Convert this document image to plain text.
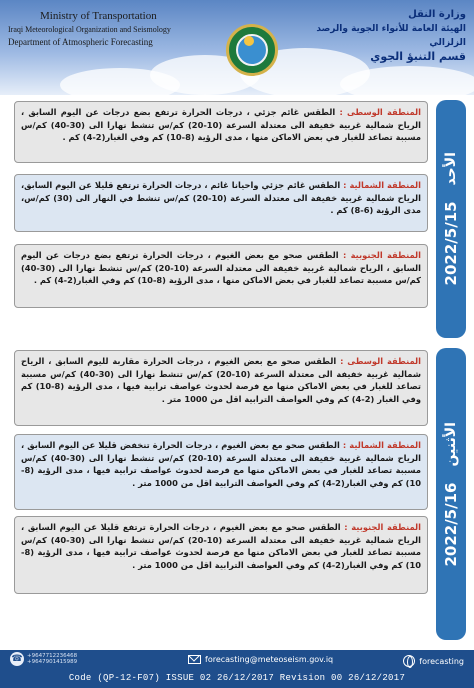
Ministry of Transportation
Iraqi Meteorological Organization and Seismology
Department of Atmospheric Forecasting
وزارة النقل
الهيئة العامة للأنواء الجوية والرصد الزلزالي
قسم التنبؤ الجوي
2022/5/15
الأحد
المنطقة الوسطى : الطقس غائم جزئي ، درجات الحرارة ترتفع بضع درجات عن اليوم السابق ، الرياح شمالية غربية خفيفة الى معتدلة السرعة (10-20) كم/س تنشط نهارا الى (30-40) كم/س مسببة تصاعد للغبار في بعض الاماكن منها ، مدى الرؤية (8-10) كم وفي الغبار(2-4) كم .
المنطقة الشمالية : الطقس غائم جزئي واحيانا غائم ، درجات الحرارة ترتفع قليلا عن اليوم السابق، الرياح شمالية غربية خفيفة الى معتدلة السرعة (10-20) كم/س تنشط في النهار الى (30) كم/س، مدى الرؤية (6-8) كم .
المنطقة الجنوبية : الطقس صحو مع بعض الغيوم ، درجات الحرارة ترتفع بضع درجات عن اليوم السابق ، الرياح شمالية غربية خفيفة الى معتدلة السرعة (10-20) كم/س تنشط نهارا الى (30-40) كم/س مسببة تصاعد للغبار في بعض الاماكن منها ، مدى الرؤية (8-10) كم وفي الغبار(2-4) كم .
2022/5/16
الأثنين
المنطقة الوسطى : الطقس صحو مع بعض الغيوم ، درجات الحرارة مقاربة لليوم السابق ، الرياح شمالية غربية خفيفة الى معتدلة السرعة (10-20) كم/س تنشط نهارا الى (30-40) كم/س مسببة تصاعد للغبار في بعض الاماكن منها مع فرصة لحدوث عواصف ترابية فيها ، مدى الرؤية (8-10) كم وفي الغبار (2-4) كم وفي العواصف الترابية اقل من 1000 متر .
المنطقة الشمالية : الطقس صحو مع بعض الغيوم ، درجات الحرارة تنخفض قليلا عن اليوم السابق ، الرياح شمالية غربية خفيفة الى معتدلة السرعة (10-20) كم/س تنشط نهارا الى (30-40) كم/س مسببة تصاعد للغبار في بعض الاماكن منها مع فرصة لحدوث عواصف ترابية فيها ، مدى الرؤية (8-10) كم وفي الغبار(2-4) كم وفي العواصف الترابية اقل من 1000 متر .
المنطقة الجنوبية : الطقس صحو مع بعض الغيوم ، درجات الحرارة ترتفع قليلا عن اليوم السابق ، الرياح شمالية غربية خفيفة الى معتدلة السرعة (10-20) كم/س تنشط نهارا الى (30-40) كم/س مسببة تصاعد للغبار في بعض الاماكن منها مع فرصة لحدوث عواصف ترابية فيها ، مدى الرؤية (8-10) كم وفي الغبار(2-4) كم وفي العواصف الترابية اقل من 1000 متر .
☎ +9647712236468
+9647901415989	forecasting@meteoseism.gov.iq	forecasting
Code (QP-12-F07) ISSUE 02 26/12/2017 Revision 00 26/12/2017
